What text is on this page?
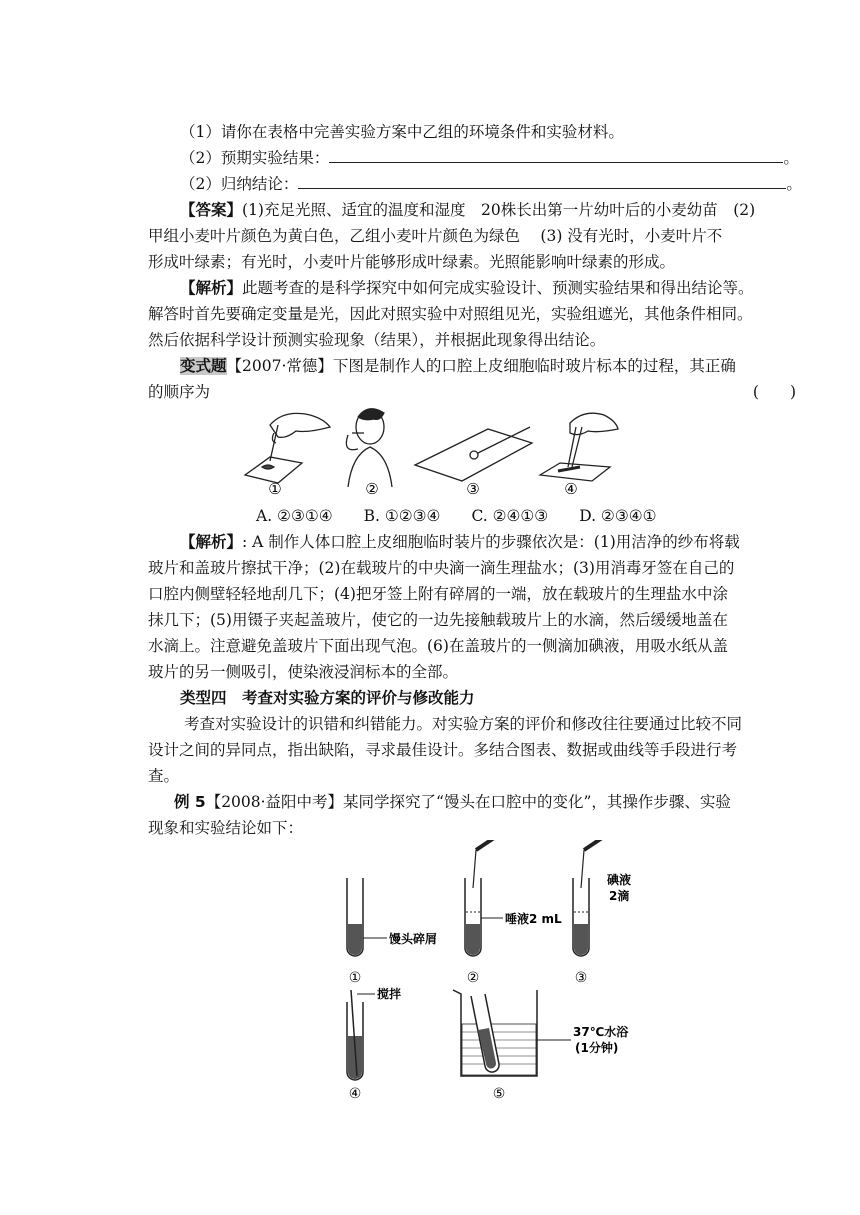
（1）请你在表格中完善实验方案中乙组的环境条件和实验材料。
（2）预期实验结果：	。
（2）归纳结论：	。
【答案】(1)充足光照、适宜的温度和湿度　20株长出第一片幼叶后的小麦幼苗　(2)
甲组小麦叶片颜色为黄白色，乙组小麦叶片颜色为绿色　 (3) 没有光时，小麦叶片不
形成叶绿素；有光时，小麦叶片能够形成叶绿素。光照能影响叶绿素的形成。
【解析】此题考查的是科学探究中如何完成实验设计、预测实验结果和得出结论等。
解答时首先要确定变量是光，因此对照实验中对照组见光，实验组遮光，其他条件相同。
然后依据科学设计预测实验现象（结果），并根据此现象得出结论。
变式题【2007·常德】下图是制作人的口腔上皮细胞临时玻片标本的过程，其正确
的顺序为	(　　)
①	②	③	④
A. ②③①④　　B. ①②③④　　C. ②④①③　　D. ②③④①
【解析】: A 制作人体口腔上皮细胞临时装片的步骤依次是：(1)用洁净的纱布将载
玻片和盖玻片擦拭干净；(2)在载玻片的中央滴一滴生理盐水；(3)用消毒牙签在自己的
口腔内侧壁轻轻地刮几下；(4)把牙签上附有碎屑的一端，放在载玻片的生理盐水中涂
抹几下；(5)用镊子夹起盖玻片，使它的一边先接触载玻片上的水滴，然后缓缓地盖在
水滴上。注意避免盖玻片下面出现气泡。(6)在盖玻片的一侧滴加碘液，用吸水纸从盖
玻片的另一侧吸引，使染液浸润标本的全部。
类型四　考查对实验方案的评价与修改能力
考查对实验设计的识错和纠错能力。对实验方案的评价和修改往往要通过比较不同
设计之间的异同点，指出缺陷，寻求最佳设计。多结合图表、数据或曲线等手段进行考
查。
例 5【2008·益阳中考】某同学探究了“馒头在口腔中的变化”，其操作步骤、实验
现象和实验结论如下：
馒头碎屑
①
唾液2 mL
②
碘液
2滴
③
搅拌
④
37℃水浴
(1分钟)
⑤
